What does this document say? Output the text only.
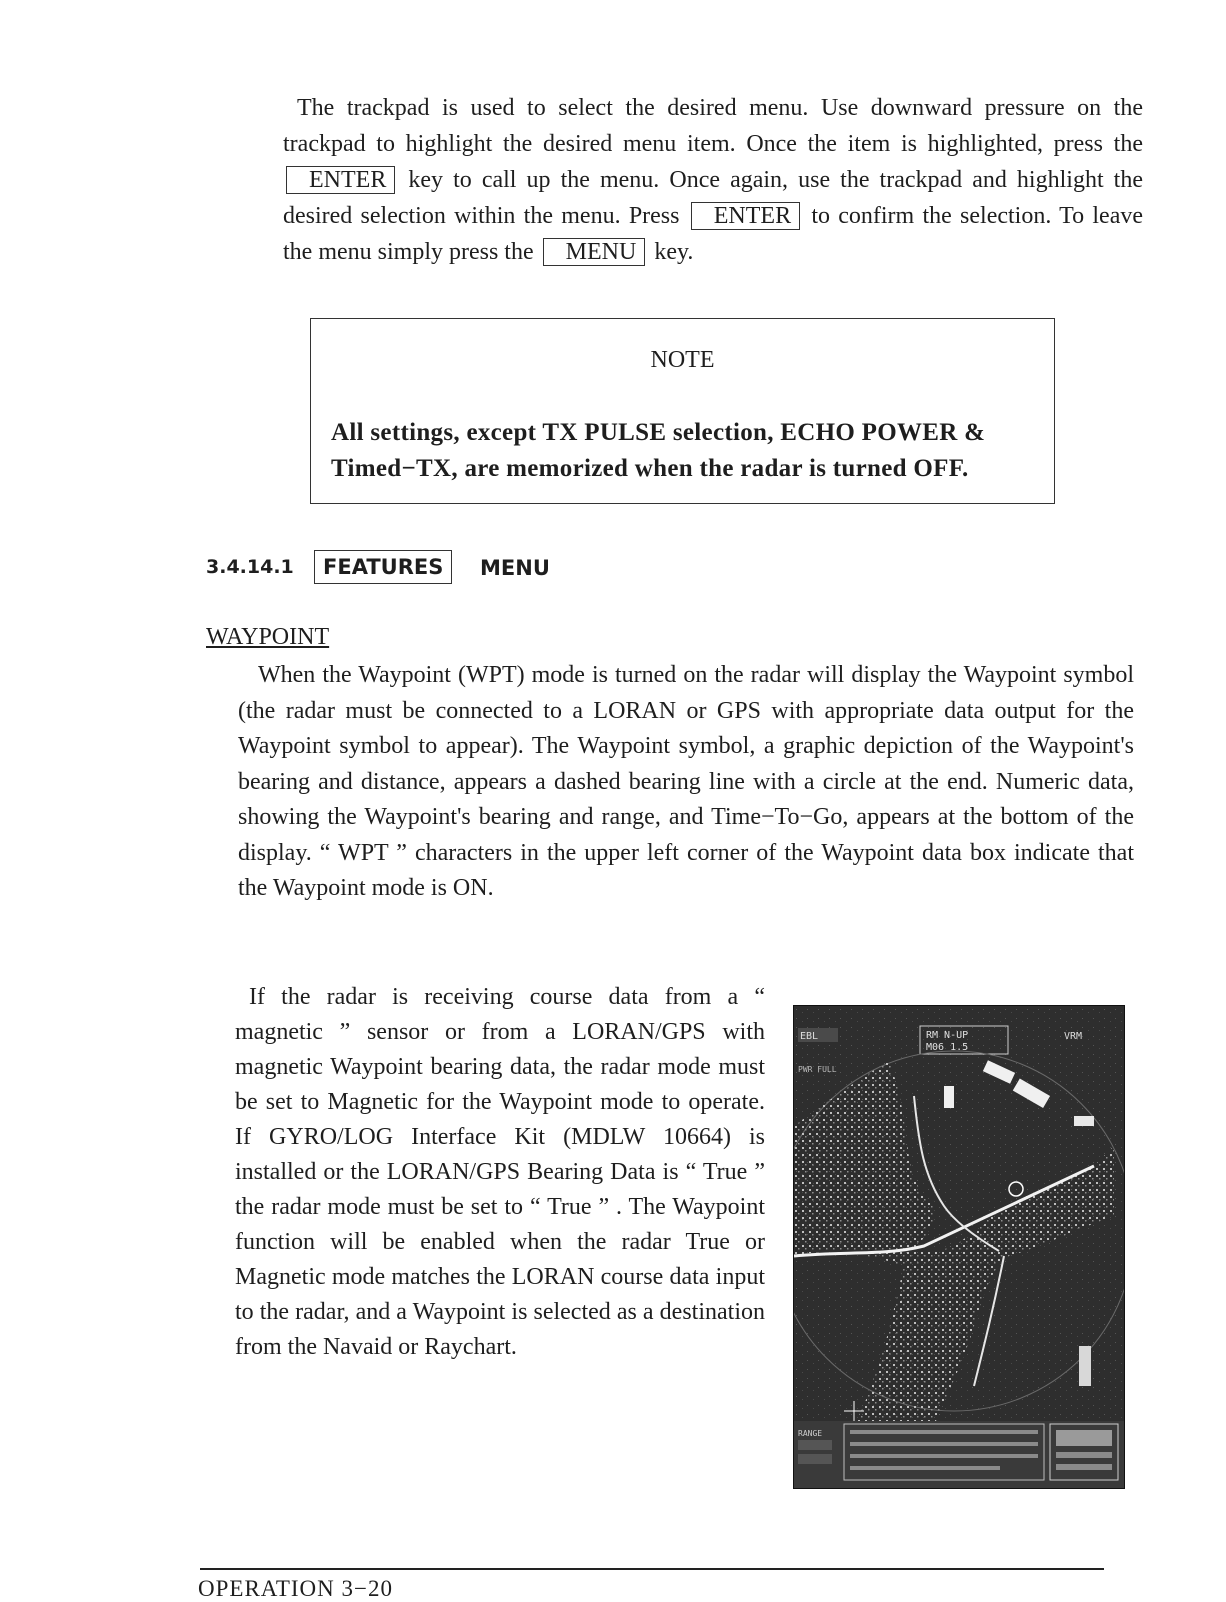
The trackpad is used to select the desired menu. Use downward pressure on the trackpad to highlight the desired menu item. Once the item is highlighted, press the ENTER key to call up the menu. Once again, use the trackpad and highlight the desired selection within the menu. Press ENTER to confirm the selection. To leave the menu simply press the MENU key.

NOTE
All settings, except TX PULSE selection, ECHO POWER & Timed−TX, are memorized when the radar is turned OFF.
3.4.14.1	FEATURES	MENU
WAYPOINT

When the Waypoint (WPT) mode is turned on the radar will display the Waypoint symbol (the radar must be connected to a LORAN or GPS with appropriate data output for the Waypoint symbol to appear). The Waypoint symbol, a graphic depiction of the Waypoint's bearing and distance, appears a dashed bearing line with a circle at the end. Numeric data, showing the Waypoint's bearing and range, and Time−To−Go, appears at the bottom of the display. “ WPT ” characters in the upper left corner of the Waypoint data box indicate that the Waypoint mode is ON.

If the radar is receiving course data from a “ magnetic ” sensor or from a LORAN/GPS with magnetic Waypoint bearing data, the radar mode must be set to Magnetic for the Waypoint mode to operate. If GYRO/LOG Interface Kit (MDLW 10664) is installed or the LORAN/GPS Bearing Data is “ True ” the radar mode must be set to “ True ” . The Waypoint function will be enabled when the radar True or Magnetic mode matches the LORAN course data input to the radar, and a Waypoint is selected as a destination from the Navaid or Raychart.

EBL	RM N-UP
M06 1.5
VRM
PWR FULL
RANGE
OPERATION 3−20
